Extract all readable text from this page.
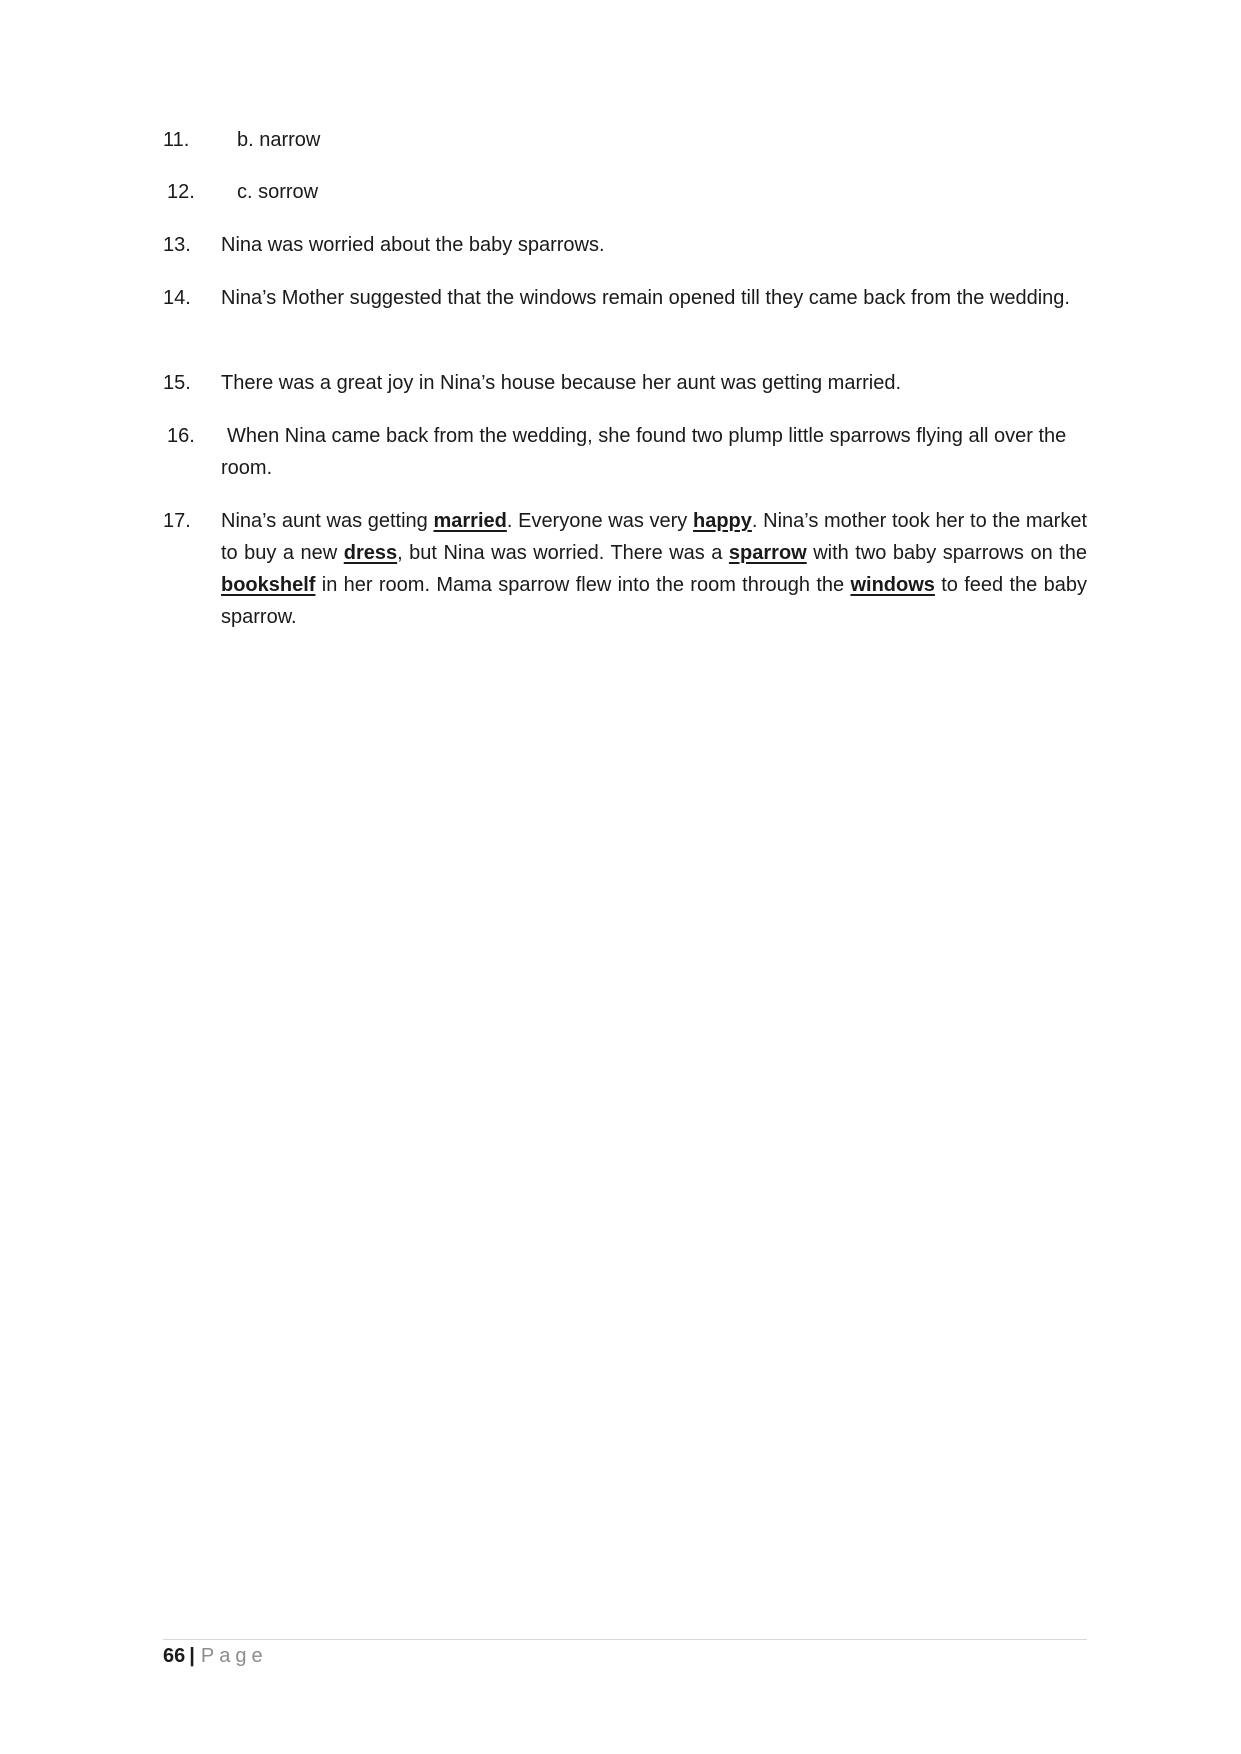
11. b. narrow
12. c. sorrow
13. Nina was worried about the baby sparrows.
14. Nina’s Mother suggested that the windows remain opened till they came back from the wedding.
15. There was a great joy in Nina’s house because her aunt was getting married.
16.	When Nina came back from the wedding, she found two plump little sparrows flying all over the room.
17. Nina’s aunt was getting married. Everyone was very happy. Nina’s mother took her to the market to buy a new dress, but Nina was worried. There was a sparrow with two baby sparrows on the bookshelf in her room. Mama sparrow flew into the room through the windows to feed the baby sparrow.
66 | Page
